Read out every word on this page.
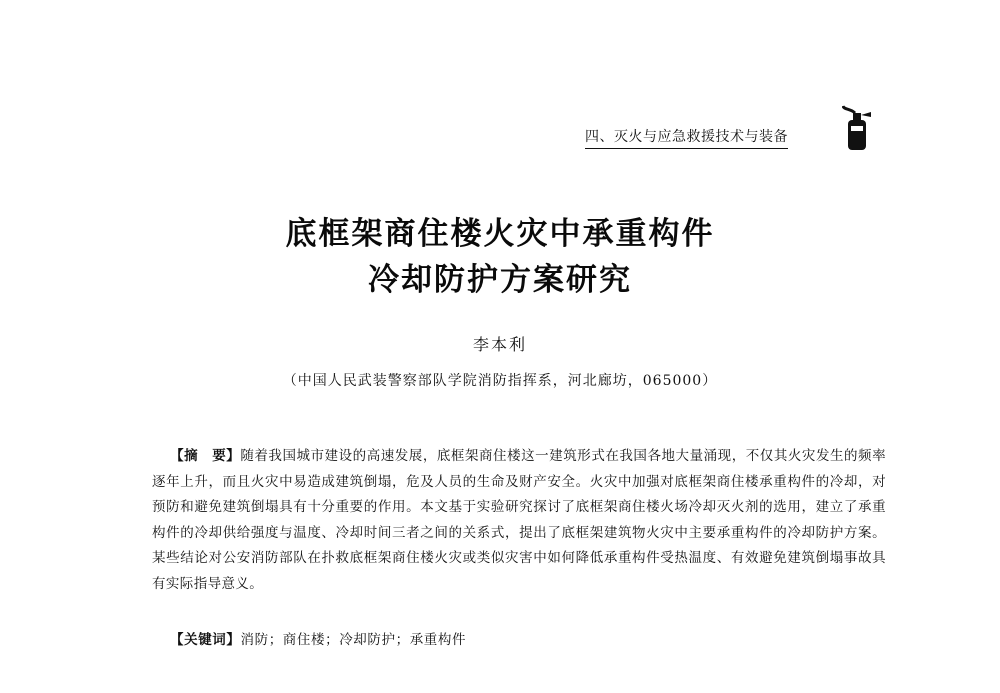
四、灭火与应急救援技术与装备
底框架商住楼火灾中承重构件
冷却防护方案研究
李本利
（中国人民武装警察部队学院消防指挥系，河北廊坊，065000）
【摘　要】随着我国城市建设的高速发展，底框架商住楼这一建筑形式在我国各地大量涌现，不仅其火灾发生的频率逐年上升，而且火灾中易造成建筑倒塌，危及人员的生命及财产安全。火灾中加强对底框架商住楼承重构件的冷却，对预防和避免建筑倒塌具有十分重要的作用。本文基于实验研究探讨了底框架商住楼火场冷却灭火剂的选用，建立了承重构件的冷却供给强度与温度、冷却时间三者之间的关系式，提出了底框架建筑物火灾中主要承重构件的冷却防护方案。某些结论对公安消防部队在扑救底框架商住楼火灾或类似灾害中如何降低承重构件受热温度、有效避免建筑倒塌事故具有实际指导意义。
【关键词】消防；商住楼；冷却防护；承重构件
